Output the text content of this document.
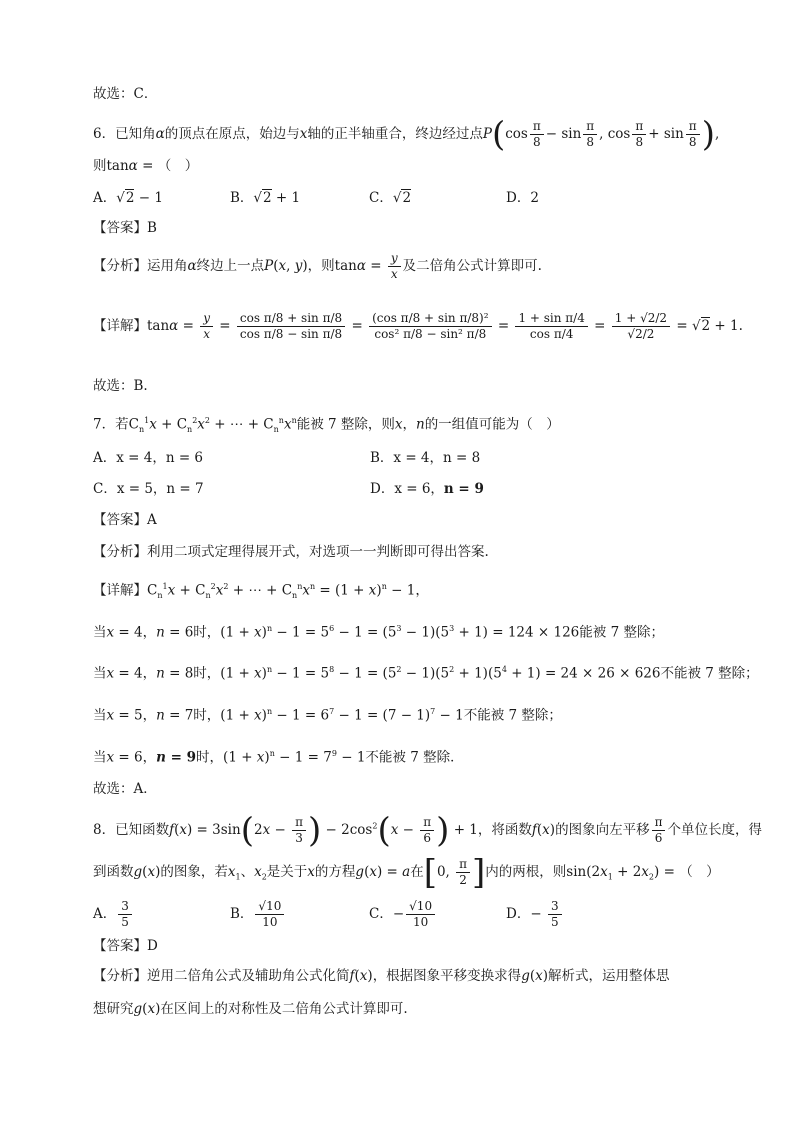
故选：C．
6．已知角α的顶点在原点，始边与x轴的正半轴重合，终边经过点$P(\cos \frac{\pi}{8} - \sin \frac{\pi}{8}$ , $\cos \frac{\pi}{8} + \sin \frac{\pi}{8}$ ),
则tanα = （　）
A．√2 − 1	B．√2 + 1	C．√2	D．2
【答案】B
【分析】运用角α终边上一点P(x, y)，则$\tan\alpha = \frac{y}{x}$ 及二倍角公式计算即可.
【详解】$\tan\alpha = \frac{y}{x} = \frac{\text{cos π/8 + sin π/8}}{\text{cos π/8 − sin π/8}} = \frac{\text{(cos π/8 + sin π/8)²}}{\text{cos² π/8 − sin² π/8}} = \frac{\text{1 + sin π/4}}{\text{cos π/4}} = \frac{1 + √2/2}{√2/2} = √2 + 1$.
故选：B.
7．若$C_n^1x + C_n^2x^2$ + ⋯ + $C_n^nx^n$能被 7 整除，则x，n的一组值可能为（　）
A．x = 4，n = 6	B．x = 4，n = 8
C．x = 5，n = 7	D．x = 6，n = 9
【答案】A
【分析】利用二项式定理得展开式，对选项一一判断即可得出答案.
【详解】$C_n^1x + C_n^2x^2$ + ⋯ + $C_n^nx^n = (1 + x)^n - 1$，
当x = 4，n = 6时，$(1 + x)^n - 1 = 5^6 - 1 = (5^3 - 1)(5^3 + 1) = 124 \times 126$能被 7 整除；
当x = 4，n = 8时，$(1 + x)^n - 1 = 5^8 - 1 = (5^2 - 1)(5^2 + 1)(5^4 + 1) = 24 \times 26 \times 626$不能被 7 整除；
当x = 5，n = 7时，$(1 + x)^n - 1 = 6^7 - 1 = (7 - 1)^7 - 1$不能被 7 整除；
当x = 6，n = 9时，$(1 + x)^n - 1 = 7^9 - 1$不能被 7 整除．
故选：A．
8．已知函数$f(x) = 3\sin(2x - \frac{\pi}{3}$ ) − $2\cos^2(x - \frac{\pi}{6}$ ) + 1，将函数f(x)的图象向左平移 $\frac{\pi}{6}$ 个单位长度，得
到函数g(x)的图象，若$x_1$、$x_2$是关于x的方程g(x) = a在[0, $\frac{\pi}{2}$ ]内的两根，则$\sin(2x_1 + 2x_2)$ = （　）
A． $\frac{3}{5}$	B． $\frac{√10}{10}$	C．− $\frac{√10}{10}$	D．− $\frac{3}{5}$
【答案】D
【分析】逆用二倍角公式及辅助角公式化简f(x)，根据图象平移变换求得g(x)解析式，运用整体思
想研究g(x)在区间上的对称性及二倍角公式计算即可.
